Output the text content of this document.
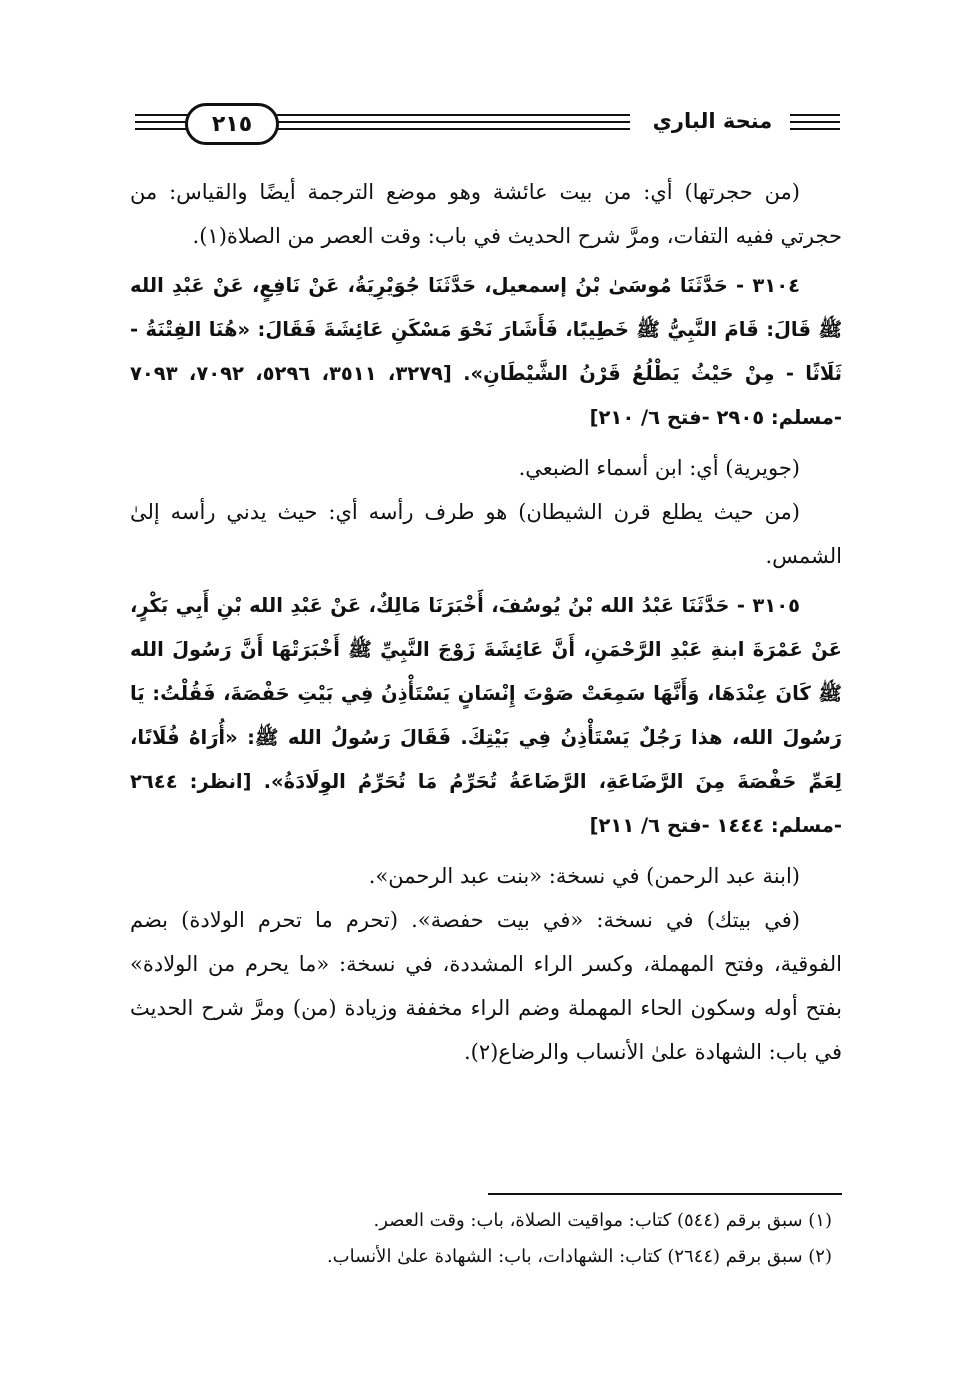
٢١٥	منحة الباري

(من حجرتها) أي: من بيت عائشة وهو موضع الترجمة أيضًا والقياس: من حجرتي ففيه التفات، ومرَّ شرح الحديث في باب: وقت العصر من الصلاة(١).

٣١٠٤ - حَدَّثَنَا مُوسَىٰ بْنُ إسمعيل، حَدَّثَنَا جُوَيْرِيَةُ، عَنْ نَافِعٍ، عَنْ عَبْدِ الله ﷺ قَالَ: قَامَ النَّبِيُّ ﷺ خَطِيبًا، فَأَشَارَ نَحْوَ مَسْكَنِ عَائِشَةَ فَقَالَ: «هُنَا الفِتْنَةُ - ثَلَاثًا - مِنْ حَيْثُ يَطْلُعُ قَرْنُ الشَّيْطَانِ». [٣٢٧٩، ٣٥١١، ٥٢٩٦، ٧٠٩٢، ٧٠٩٣ -مسلم: ٢٩٠٥ -فتح ٦/ ٢١٠]

(جويرية) أي: ابن أسماء الضبعي.

(من حيث يطلع قرن الشيطان) هو طرف رأسه أي: حيث يدني رأسه إلىٰ الشمس.

٣١٠٥ - حَدَّثَنَا عَبْدُ الله بْنُ يُوسُفَ، أَخْبَرَنَا مَالِكٌ، عَنْ عَبْدِ الله بْنِ أَبِي بَكْرٍ، عَنْ عَمْرَةَ ابنةِ عَبْدِ الرَّحْمَنِ، أَنَّ عَائِشَةَ زَوْجَ النَّبِيِّ ﷺ أَخْبَرَتْهَا أَنَّ رَسُولَ الله ﷺ كَانَ عِنْدَهَا، وَأَنَّهَا سَمِعَتْ صَوْتَ إِنْسَانٍ يَسْتَأْذِنُ فِي بَيْتِ حَفْصَةَ، فَقُلْتُ: يَا رَسُولَ الله، هذا رَجُلٌ يَسْتَأْذِنُ فِي بَيْتِكَ. فَقَالَ رَسُولُ الله ﷺ: «أُرَاهُ فُلَانًا، لِعَمِّ حَفْصَةَ مِنَ الرَّضَاعَةِ، الرَّضَاعَةُ تُحَرِّمُ مَا تُحَرِّمُ الوِلَادَةُ». [انظر: ٢٦٤٤ -مسلم: ١٤٤٤ -فتح ٦/ ٢١١]

(ابنة عبد الرحمن) في نسخة: «بنت عبد الرحمن».

(في بيتك) في نسخة: «في بيت حفصة». (تحرم ما تحرم الولادة) بضم الفوقية، وفتح المهملة، وكسر الراء المشددة، في نسخة: «ما يحرم من الولادة» بفتح أوله وسكون الحاء المهملة وضم الراء مخففة وزيادة (من) ومرَّ شرح الحديث في باب: الشهادة علىٰ الأنساب والرضاع(٢).

(١) سبق برقم (٥٤٤) كتاب: مواقيت الصلاة، باب: وقت العصر.

(٢) سبق برقم (٢٦٤٤) كتاب: الشهادات، باب: الشهادة علىٰ الأنساب.
